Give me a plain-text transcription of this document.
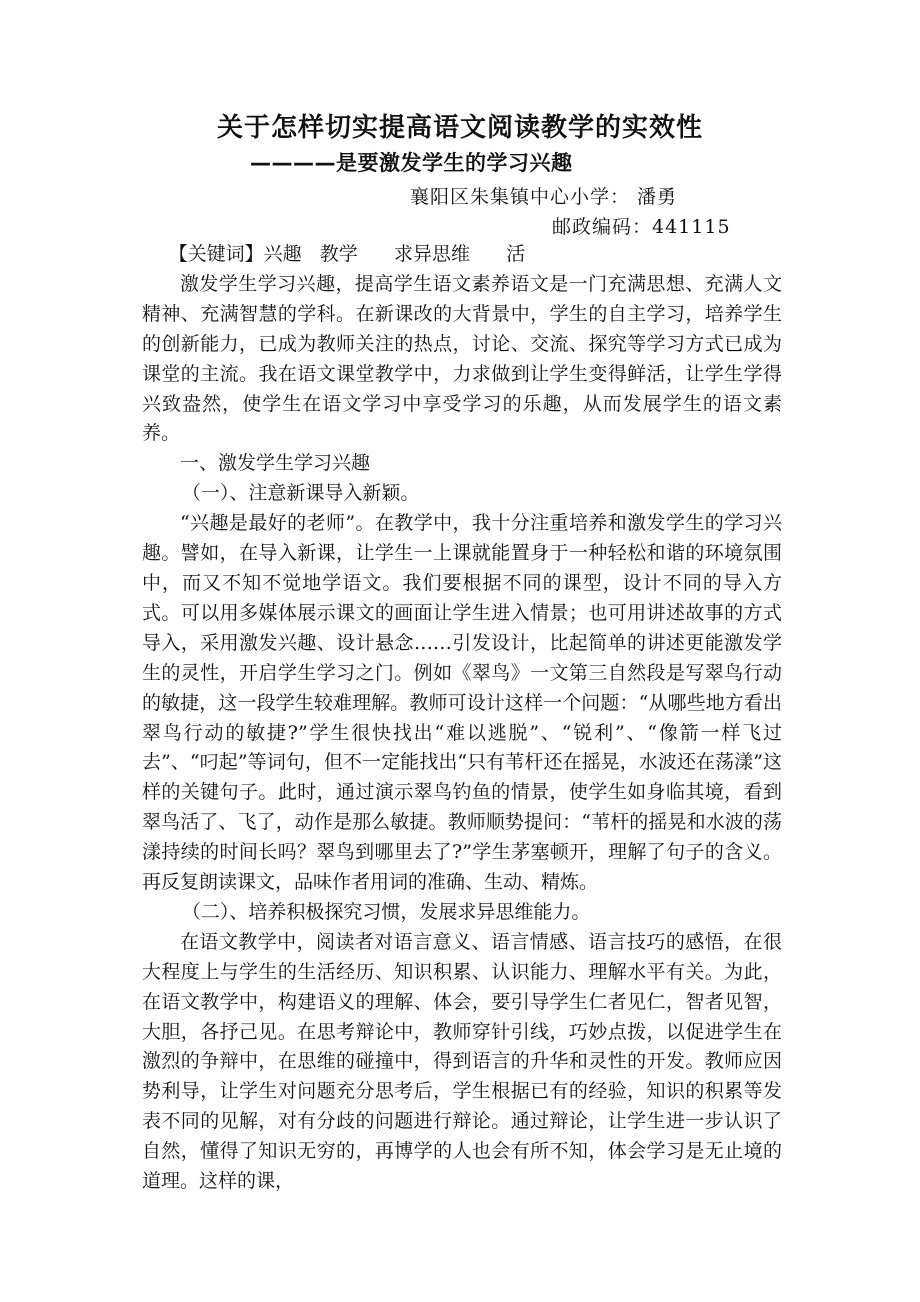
关于怎样切实提高语文阅读教学的实效性
————是要激发学生的学习兴趣
襄阳区朱集镇中心小学： 潘勇
邮政编码：441115

【关键词】兴趣   教学      求异思维      活

激发学生学习兴趣，提高学生语文素养语文是一门充满思想、充满人文精神、充满智慧的学科。在新课改的大背景中，学生的自主学习，培养学生的创新能力，已成为教师关注的热点，讨论、交流、探究等学习方式已成为课堂的主流。我在语文课堂教学中，力求做到让学生变得鲜活，让学生学得兴致盎然，使学生在语文学习中享受学习的乐趣，从而发展学生的语文素养。

一、激发学生学习兴趣

（一）、注意新课导入新颖。

“兴趣是最好的老师”。在教学中，我十分注重培养和激发学生的学习兴趣。譬如，在导入新课，让学生一上课就能置身于一种轻松和谐的环境氛围中，而又不知不觉地学语文。我们要根据不同的课型，设计不同的导入方式。可以用多媒体展示课文的画面让学生进入情景；也可用讲述故事的方式导入，采用激发兴趣、设计悬念……引发设计，比起简单的讲述更能激发学生的灵性，开启学生学习之门。例如《翠鸟》一文第三自然段是写翠鸟行动的敏捷，这一段学生较难理解。教师可设计这样一个问题：“从哪些地方看出翠鸟行动的敏捷?”学生很快找出“难以逃脱”、“锐利”、“像箭一样飞过去”、“叼起”等词句，但不一定能找出“只有苇杆还在摇晃，水波还在荡漾”这样的关键句子。此时，通过演示翠鸟钓鱼的情景，使学生如身临其境，看到翠鸟活了、飞了，动作是那么敏捷。教师顺势提问：“苇杆的摇晃和水波的荡漾持续的时间长吗？翠鸟到哪里去了?”学生茅塞顿开，理解了句子的含义。再反复朗读课文，品味作者用词的准确、生动、精炼。

（二）、培养积极探究习惯，发展求异思维能力。

在语文教学中，阅读者对语言意义、语言情感、语言技巧的感悟，在很大程度上与学生的生活经历、知识积累、认识能力、理解水平有关。为此，在语文教学中，构建语义的理解、体会，要引导学生仁者见仁，智者见智，大胆，各抒己见。在思考辩论中，教师穿针引线，巧妙点拨，以促进学生在激烈的争辩中，在思维的碰撞中，得到语言的升华和灵性的开发。教师应因势利导，让学生对问题充分思考后，学生根据已有的经验，知识的积累等发表不同的见解，对有分歧的问题进行辩论。通过辩论，让学生进一步认识了自然，懂得了知识无穷的，再博学的人也会有所不知，体会学习是无止境的道理。这样的课，
